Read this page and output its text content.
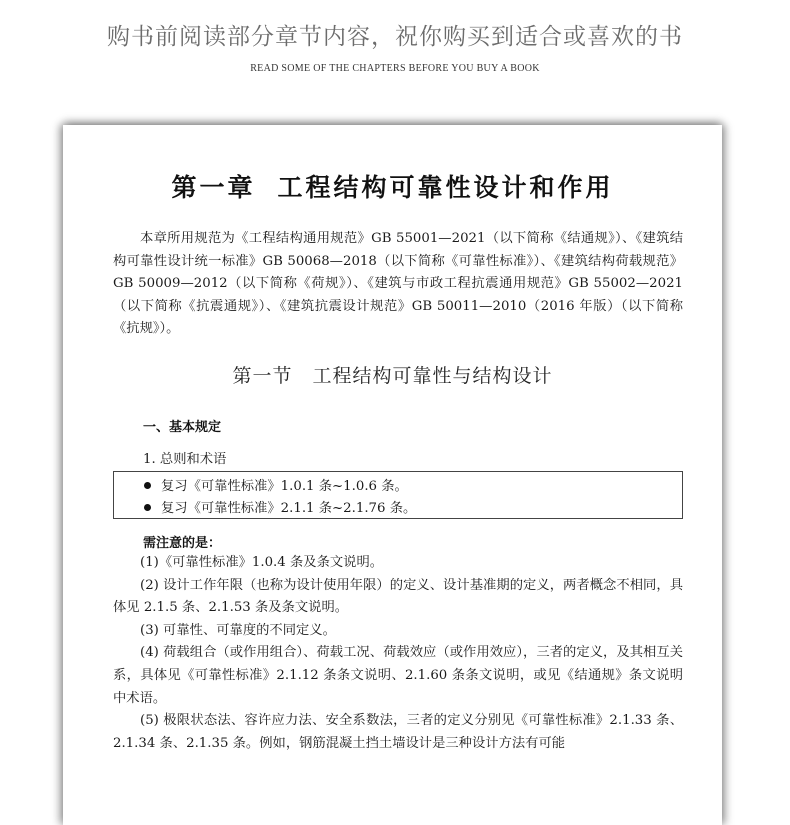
购书前阅读部分章节内容，祝你购买到适合或喜欢的书
READ SOME OF THE CHAPTERS BEFORE YOU BUY A BOOK
第一章 工程结构可靠性设计和作用
本章所用规范为《工程结构通用规范》GB 55001—2021（以下简称《结通规》）、《建筑结构可靠性设计统一标准》GB 50068—2018（以下简称《可靠性标准》）、《建筑结构荷载规范》GB 50009—2012（以下简称《荷规》）、《建筑与市政工程抗震通用规范》GB 55002—2021（以下简称《抗震通规》）、《建筑抗震设计规范》GB 50011—2010（2016 年版）（以下简称《抗规》）。
第一节 工程结构可靠性与结构设计
一、基本规定
1. 总则和术语
复习《可靠性标准》1.0.1 条~1.0.6 条。
复习《可靠性标准》2.1.1 条~2.1.76 条。
需注意的是：

(1)《可靠性标准》1.0.4 条及条文说明。

(2) 设计工作年限（也称为设计使用年限）的定义、设计基准期的定义，两者概念不相同，具体见 2.1.5 条、2.1.53 条及条文说明。

(3) 可靠性、可靠度的不同定义。

(4) 荷载组合（或作用组合）、荷载工况、荷载效应（或作用效应），三者的定义，及其相互关系，具体见《可靠性标准》2.1.12 条条文说明、2.1.60 条条文说明，或见《结通规》条文说明中术语。

(5) 极限状态法、容许应力法、安全系数法，三者的定义分别见《可靠性标准》2.1.33 条、2.1.34 条、2.1.35 条。例如，钢筋混凝土挡土墙设计是三种设计方法有可能
